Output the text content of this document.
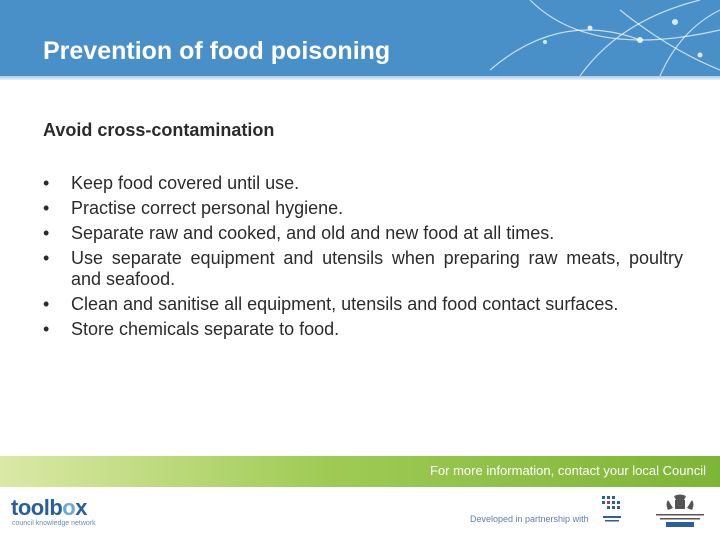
Prevention of food poisoning
Avoid cross-contamination
• Keep food covered until use.
• Practise correct personal hygiene.
• Separate raw and cooked, and old and new food at all times.
• Use separate equipment and utensils when preparing raw meats, poultry and seafood.
• Clean and sanitise all equipment, utensils and food contact surfaces.
• Store chemicals separate to food.
For more information, contact your local Council
toolbox
council knowledge network	Developed in partnership with
